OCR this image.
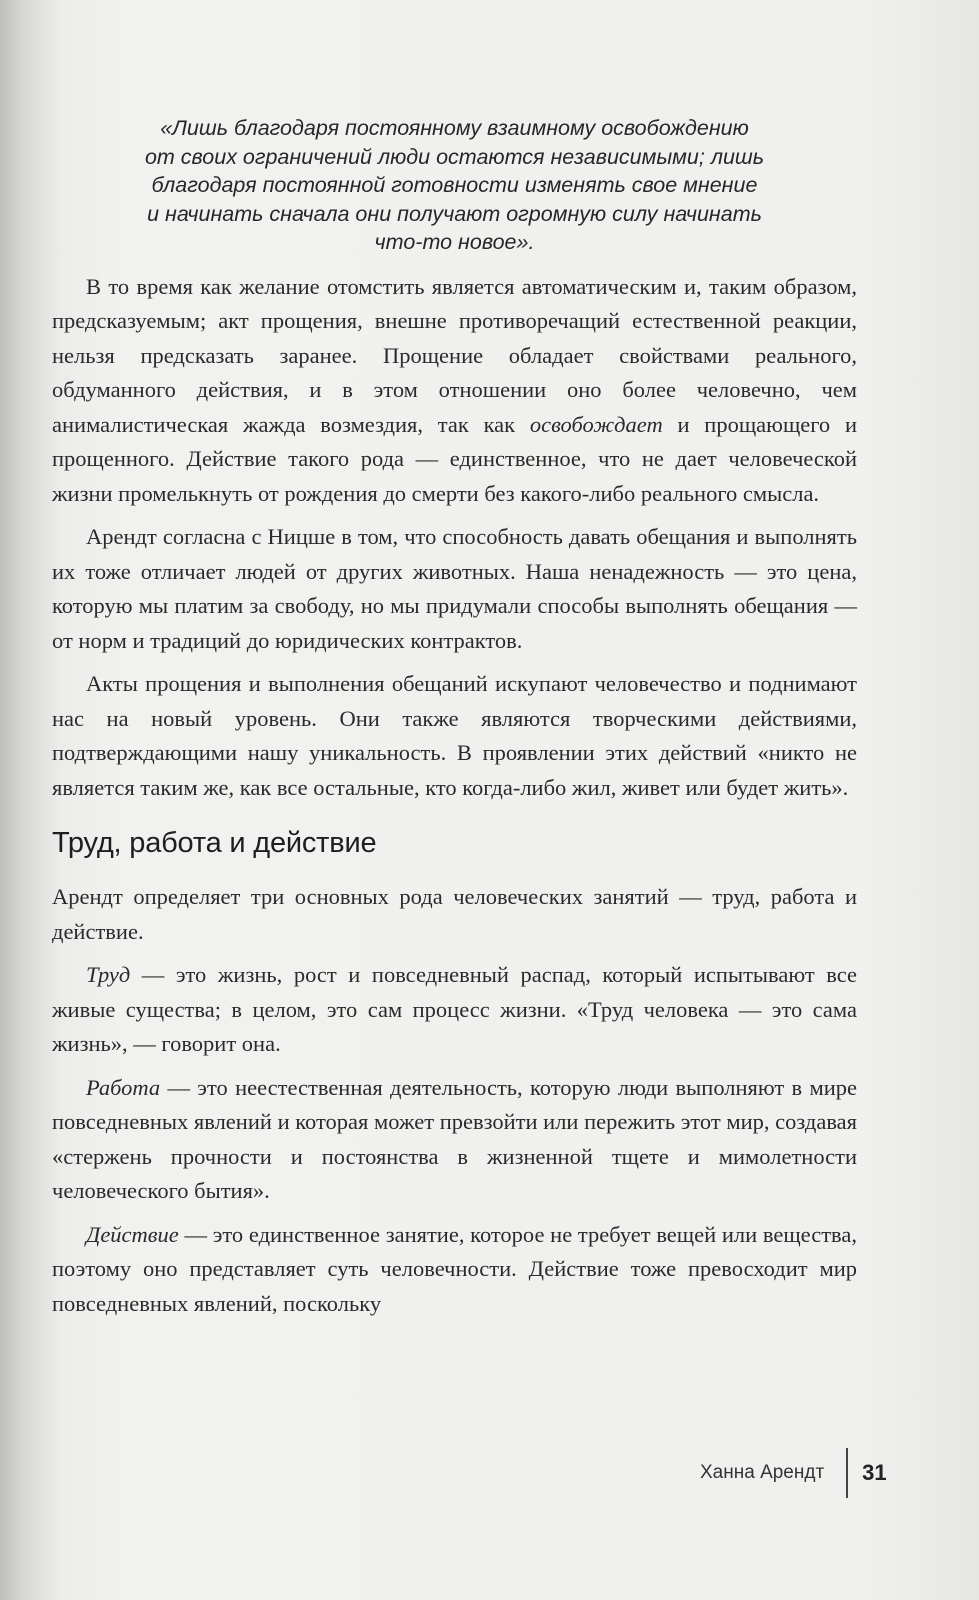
«Лишь благодаря постоянному взаимному освобождению
от своих ограничений люди остаются независимыми; лишь
благодаря постоянной готовности изменять свое мнение
и начинать сначала они получают огромную силу начинать
что-то новое».

В то время как желание отомстить является автоматическим и, таким образом, предсказуемым; акт прощения, внешне противоречащий естественной реакции, нельзя предсказать заранее. Прощение обладает свойствами реального, обдуманного действия, и в этом отношении оно более человечно, чем анималистическая жажда возмездия, так как освобождает и прощающего и прощенного. Действие такого рода — единственное, что не дает человеческой жизни промелькнуть от рождения до смерти без какого-либо реального смысла.

Арендт согласна с Ницше в том, что способность давать обещания и выполнять их тоже отличает людей от других животных. Наша ненадежность — это цена, которую мы платим за свободу, но мы придумали способы выполнять обещания — от норм и традиций до юридических контрактов.

Акты прощения и выполнения обещаний искупают человечество и поднимают нас на новый уровень. Они также являются творческими действиями, подтверждающими нашу уникальность. В проявлении этих действий «никто не является таким же, как все остальные, кто когда-либо жил, живет или будет жить».

Труд, работа и действие

Арендт определяет три основных рода человеческих занятий — труд, работа и действие.

Труд — это жизнь, рост и повседневный распад, который испытывают все живые существа; в целом, это сам процесс жизни. «Труд человека — это сама жизнь», — говорит она.

Работа — это неестественная деятельность, которую люди выполняют в мире повседневных явлений и которая может превзойти или пережить этот мир, создавая «стержень прочности и постоянства в жизненной тщете и мимолетности человеческого бытия».

Действие — это единственное занятие, которое не требует вещей или вещества, поэтому оно представляет суть человечности. Действие тоже превосходит мир повседневных явлений, поскольку

Ханна Арендт	31
